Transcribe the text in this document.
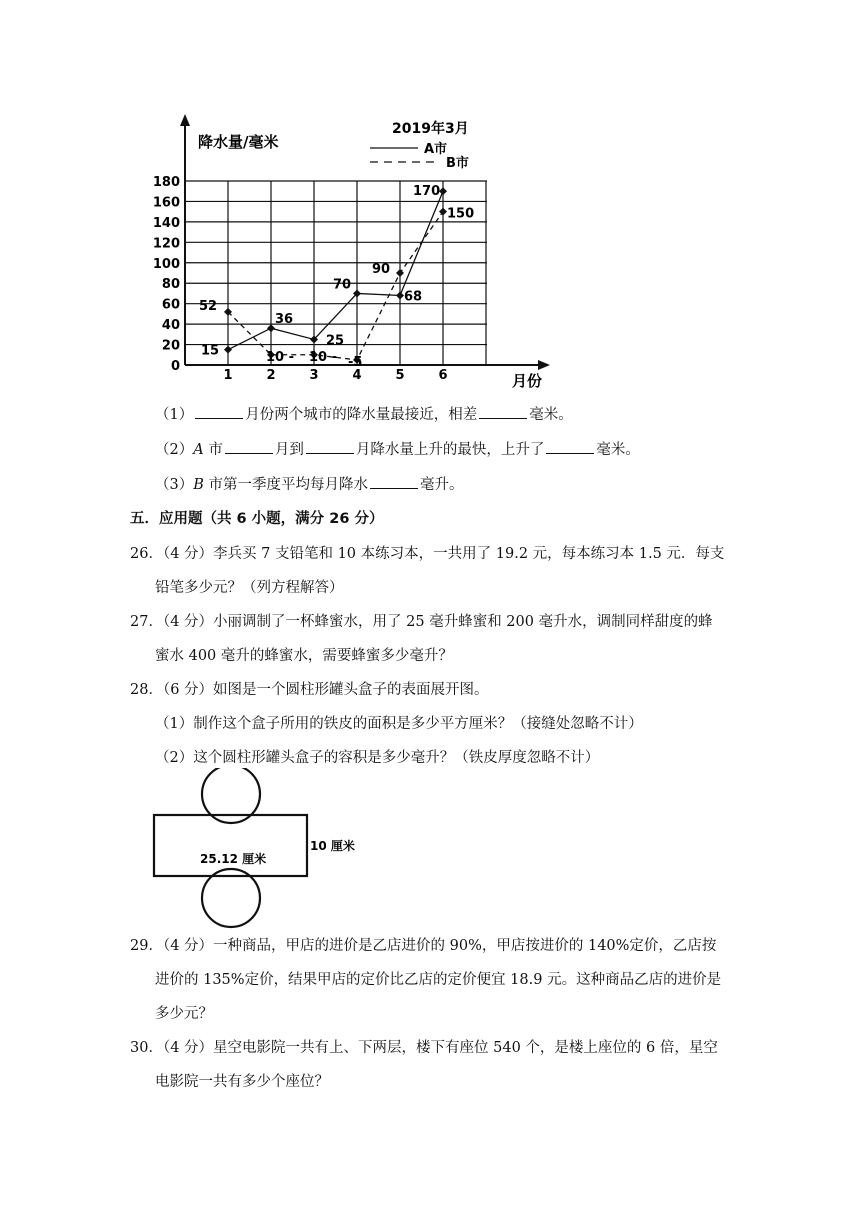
降水量/毫米
月份
2019年3月
A市
B市
0
20
40
60
80
100
120
140
160
180
1	2	3	4	5	6
15
36
25
70
68
170
52
10 - 10 - -5
90
150
（1）	月份两个城市的降水量最接近，相差	毫米。
（2）A 市	月到	月降水量上升的最快，上升了	毫米。
（3）B 市第一季度平均每月降水	毫升。
五．应用题（共 6 小题，满分 26 分）
26．（4 分）李兵买 7 支铅笔和 10 本练习本，一共用了 19.2 元，每本练习本 1.5 元．每支
铅笔多少元？（列方程解答）
27．（4 分）小丽调制了一杯蜂蜜水，用了 25 毫升蜂蜜和 200 毫升水，调制同样甜度的蜂
蜜水 400 毫升的蜂蜜水，需要蜂蜜多少毫升？
28．（6 分）如图是一个圆柱形罐头盒子的表面展开图。
（1）制作这个盒子所用的铁皮的面积是多少平方厘米？（接缝处忽略不计）
（2）这个圆柱形罐头盒子的容积是多少毫升？（铁皮厚度忽略不计）
25.12 厘米
10 厘米
29．（4 分）一种商品，甲店的进价是乙店进价的 90%，甲店按进价的 140%定价，乙店按
进价的 135%定价，结果甲店的定价比乙店的定价便宜 18.9 元。这种商品乙店的进价是
多少元？
30．（4 分）星空电影院一共有上、下两层，楼下有座位 540 个，是楼上座位的 6 倍，星空
电影院一共有多少个座位？
